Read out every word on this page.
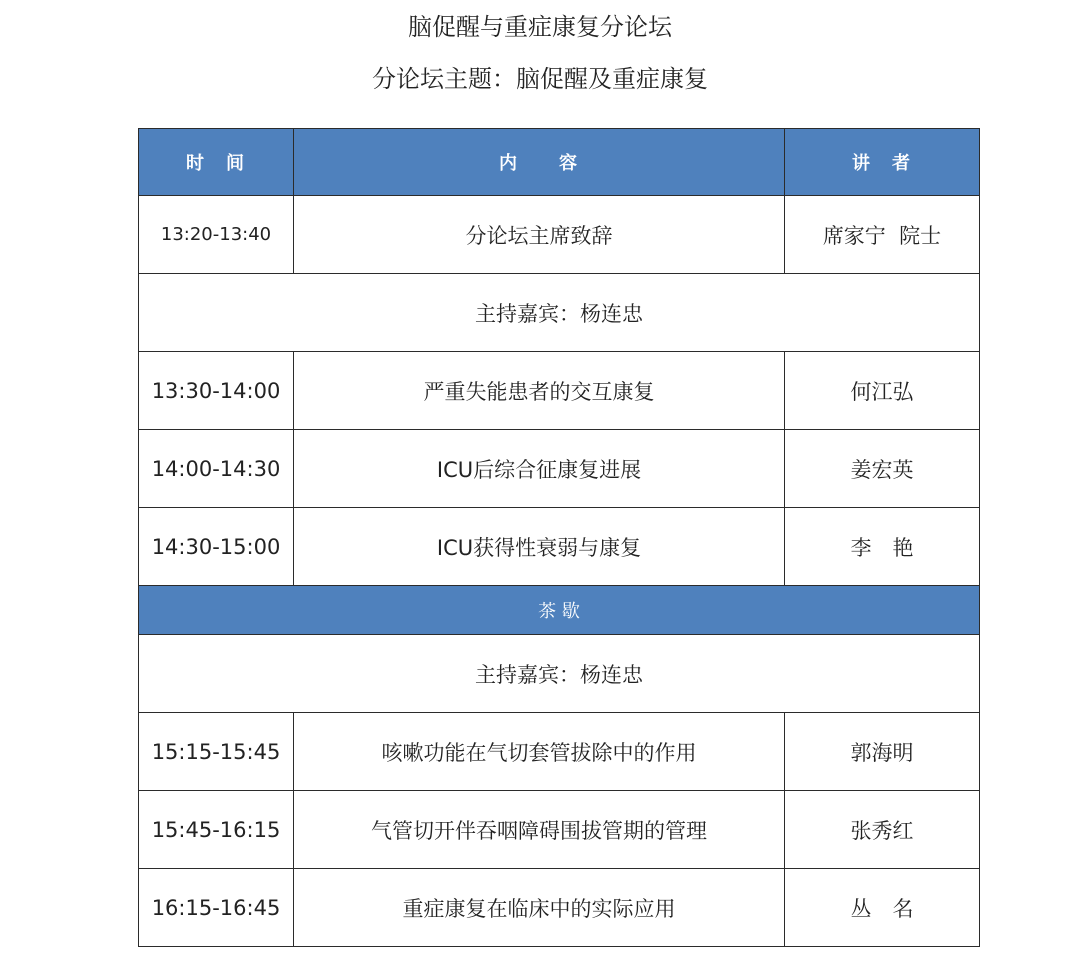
脑促醒与重症康复分论坛
分论坛主题：脑促醒及重症康复
时　间	内　　容	讲　者
13:20-13:40	分论坛主席致辞	席家宁  院士
主持嘉宾：杨连忠		
13:30-14:00	严重失能患者的交互康复	何江弘
14:00-14:30	ICU后综合征康复进展	姜宏英
14:30-15:00	ICU获得性衰弱与康复	李　艳
茶 歇		
主持嘉宾：杨连忠		
15:15-15:45	咳嗽功能在气切套管拔除中的作用	郭海明
15:45-16:15	气管切开伴吞咽障碍围拔管期的管理	张秀红
16:15-16:45	重症康复在临床中的实际应用	丛　名
